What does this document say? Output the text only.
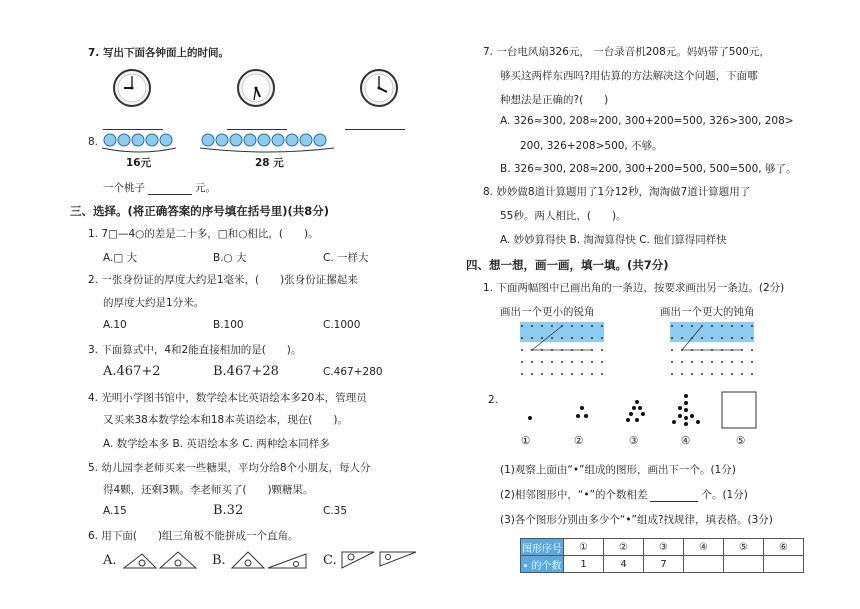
7. 写出下面各钟面上的时间。
8.
16元	28 元
一个桃子	元。
三、选择。(将正确答案的序号填在括号里)(共8分)
1. 7□—4○的差是二十多，□和○相比，(　　)。
A.□ 大	B.○ 大	C. 一样大
2. 一张身份证的厚度大约是1毫米，(　　)张身份证摞起来
的厚度大约是1分米。
A.10	B.100	C.1000
3. 下面算式中，4和2能直接相加的是(　　)。
A.467+2	B.467+28	C.467+280
4. 光明小学图书馆中，数学绘本比英语绘本多20本，管理员
又买来38本数学绘本和18本英语绘本，现在(　　)。
A. 数学绘本多 B. 英语绘本多 C. 两种绘本同样多
5. 幼儿园李老师买来一些糖果，平均分给8个小朋友，每人分
得4颗，还剩3颗。李老师买了(　　)颗糖果。
A.15	B.32	C.35
6. 用下面(　　)组三角板不能拼成一个直角。
A.	B.	C.
7. 一台电风扇326元， 一台录音机208元。妈妈带了500元，
够买这两样东西吗?用估算的方法解决这个问题，下面哪
种想法是正确的?(　　)
A. 326≈300, 208≈200, 300+200=500, 326>300, 208>
200, 326+208>500, 不够。
B. 326≈300, 208≈200, 300+200=500, 500=500, 够了。
8. 妙妙做8道计算题用了1分12秒，淘淘做7道计算题用了
55秒。两人相比，(　　)。
A. 妙妙算得快 B. 淘淘算得快 C. 他们算得同样快
四、想一想，画一画，填一填。(共7分)
1. 下面两幅图中已画出角的一条边，按要求画出另一条边。(2分)
画出一个更小的锐角	画出一个更大的钝角
2.
①	②	③	④	⑤
(1)观察上面由“•”组成的图形，画出下一个。(1分)
(2)相邻图形中，“•”的个数相差	个。(1分)
(3)各个图形分别由多少个“•”组成?找规律，填表格。(3分)
图形序号	①	②	③	④	⑤	⑥
• 的个数	1	4	7			
